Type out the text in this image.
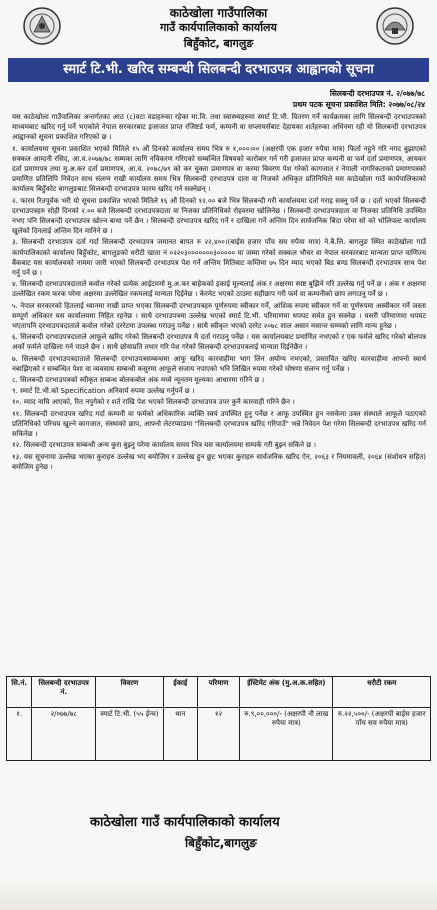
काठेखोला गाउँपालिका
गाउँ कार्यपालिकाको कार्यालय
बिहुँकोट, बागलुङ
स्मार्ट टि.भी. खरिद सम्बन्धी सिलबन्दी दरभाउपत्र आह्वानको सूचना
सिलबन्दी दरभाउपत्र नं. २/०७७/७८
प्रथम पटक सूचना प्रकाशित मिति: २०७७/०८/२४

यस काठेखोला गाउँपालिका अन्तर्गतका आठ (८)वटा वडाहरुका रहेका मा.वि. तथा स्वास्थ्यहरुमा स्मार्ट टि.भी. वितरण गर्ने कार्यक्रमका लागि सिलबन्दी दरभाउपत्रको माध्यमबाट खरिद गर्नु पर्ने भएकोले नेपाल सरकारबाट इजाजत प्राप्त रजिष्टर्ड फर्म, कम्पनी वा सप्लायर्सबाट देहायका शर्तहरुका अधिनमा रही यो सिलबन्दी दरभाउपत्र आह्वानको सूचना प्रकाशित गरिएको छ ।

१. कार्यालयमा सूचना प्रकाशित भएको मितिले १५ औं दिनको कार्यालय समय भित्र रु १,०००।०० (अक्षरपी एक हजार रुपैया मात्र) फिर्ता नहुने गरि नगद बुझाएको सक्कल आम्दनी रसिद, आ.व.२०७७/७८ सम्मका लागि नविकरण गरिएको सम्बन्धित विषयको कारोबार गर्न गरी इजाजत प्राप्त कम्पनी वा फर्म दर्ता प्रमाणपत्र, आयकर दर्ता प्रमाणपत्र तथा मु.अ.कर दर्ता प्रमाणपत्र, आ.व. २०७८/७९ को कर चुक्ता प्रमाणपत्र वा करमा बिवरण पेश गरेको कागजात र नेपाली नागरिकताको प्रमाणपत्रको प्रमाणित प्रतिलिपि निवेदन साथ संलग्न राखी कार्यालय समय भित्र सिलबन्दी दरभाउपत्र दाता वा निजको अधिकृत प्रतिनिधिले यस काठेखोला गाउँ कार्यपालिकाको कार्यालय बिहुँकोट बागलुङबाट सिलबन्दी दरभाउपत्र फारम खरिद गर्न सक्नेछन् ।

२. फारम रितपूर्वक भरी यो सूचना प्रकाशित भएको मितिले १६ औं दिनको १२.०० बजे भित्र सिलबन्दी गरी कार्यालयमा दर्ता गराइ सक्नु पर्ने छ । दर्ता भएको सिलबन्दी दरभाउपत्रहरु सोही दिनको २.०० बजे सिलबन्दी दरभाउपत्रदाता वा निजका प्रतिनिधिको रोहवरमा खोलिनेछ । सिलबन्दी दरभाउपत्रदाता वा निजका प्रतिनिधि उपस्थित नभए पनि सिलबन्दी दरभाउपत्र खोल्न बाधा पर्ने छैन । सिलबन्दी दरभाउपत्र खरिद गर्ने र दाखिला गर्ने अन्तिम दिन सार्वजनिक बिदा परेमा सो को भोलिपल्ट कार्यालय खुलेको दिनलाई अन्तिम दिन मानिने छ ।

३. सिलबन्दी दरभाउपत्र दर्ता गर्दा सिलबन्दी दरभाउपत्र जमानत बापत रु २२,४००।(बाईस हजार पाँच सय रुपैया मात्र) ने.बै.लि. बागलुङ स्थित काठेखोला गाउँ कार्यपालिकाको कार्यालय बिहुँकोट, बागलुङको धरौटी खाता नं ०२२०३०००००००३००००० मा जम्मा गरेको सक्कल भौचर वा नेपाल सरकारबाट मान्यता प्राप्त वाणिज्य बैंकबाट यस कार्यालयको नाममा जारी भएको सिलबन्दी दरभाउपत्र पेश गर्ने अन्तिम मितिबाट कम्तिमा ७५ दिन म्याद भएको बिड बण्ड सिलबन्दी दरभाउपत्र साथ पेश गर्नु पर्ने छ ।

४. सिलबन्दी दरभाउपत्रदाताले कवोल गरेको प्रत्येक आईटममो मु.अ.कर बाहेकको इकाई मूल्यलाई अंक र अक्षरमा स्पष्ट बुझिने गरि उल्लेख गर्नु पर्ने छ । अंक र अक्षरमा उल्लेखित रकम फरक परेमा अक्षरमा उल्लेखित रकमलाई मान्यता दिईनेछ । केरमेट भएको ठाउमा सहीछाप गरी फर्म वा कम्पनीको छाप लगाउनु पर्ने छ ।

५. नेपाल सरकारको हितलाई ध्यानमा राखी प्राप्त भएका सिलबन्दी दरभाउपत्रहरु पूर्णरुपमा स्वीकार गर्ने, आंशिक रुपमा स्वीकार गर्ने वा पूर्णरुपमा अस्वीकार गर्ने जस्ता सम्पूर्ण अधिकार यस कार्यालयमा निहित रहनेछ । साथै दरभाउपत्रमा उल्लेख भएको स्मार्ट टि.भी. परिमाणमा थपघट समेत हुन सक्नेछ । यसरी परिमाणमा थपघट भएतापनि दरभाउपत्रदाताले कवोल गरेको दररेटमा उपलब्ध गराउनु पर्नेछ । साथै स्वीकृत भएको दररेट २०७८ साल असार मसान्त सम्मको लागि मान्य हुनेछ ।

६. सिलबन्दी दरभाउपत्रदाताले आफूले खरिद गरेको सिलबन्दी दरभाउपत्र मै दर्ता गराउनु पर्नेछ । यस कार्यालयबाट प्रमाणित नभएको र एक फर्मले खरिद गरेको बोलपत्र अर्को फर्मले दाखिला गर्न पाउने छैन । साथै छोयाप्रति तथार गरि पेश गरेको सिलबन्दी दरभाउपत्रलाई मान्यता दिईनेछैन ।

७. सिलबन्दी दरभाउपत्रदाताले सिलबन्दी दरभाउपत्रसम्बन्धमा आफू खरिद कारवाहीमा भाग लिन अयोग्य नभएको, प्रस्तावित खरिद कारवाहीमा आफ्नो स्वार्थ नबाझिएको र सम्बन्धित पेशा वा व्यवसाय सम्बन्धी कसुरमा आफूले सजाय नपाएको भनि लिखित रुपमा गरेको घोषणा संलग्न गर्नु पर्नेछ ।

८. सिलबन्दी दरभाउपत्रको स्वीकृत सम्बन्ध बोलकबोल अंक मध्ये न्यूनतम मूल्यका आधारमा गरिने छ ।

९. स्मार्ट टि.भी.को Specification अनिवार्य रुपमा उल्लेख गर्नुपर्ने छ ।

१०. म्याद नाघि आएको, रित नपुगेको र शर्त राखि पेश भएको सिलबन्दी दरभाउपत्र उपर कुनै कारवाही गरिने छैन ।

११. सिलबन्दी दरभाउपत्र खरिद गर्दा कम्पनी वा फर्मको अधिकारिक व्यक्ति स्वयं उपस्थित हुनु पर्नेछ र आफू उपस्थित हुन नसकेमा उक्त संस्थाले आफूले पठाएको प्रतिनिधिको परिचय खुल्ने कागजात, संस्थाको छाप, आफ्नो लेटरप्याडमा "सिलबन्दी दरभाउपत्र खरिद गरिपाउँ" भन्ने निवेदन पेश गरेमा सिलबन्दी दरभाउपत्र खरिद गर्न सकिनेछ ।

१२. सिलबन्दी दरभाउपत्र सम्बन्धी अन्य कुरा बुझ्नु परेमा कार्यालय समय भित्र यस कार्यालयमा सम्पर्क गरी बुझ्न सकिने छ ।

१३. यस सूचनामा उल्लेख भएका कुराहरु उल्लेख भए बमोजिम र उल्लेख हुन छुट भएका कुराहरु सार्वजनिक खरिद ऐन, २०६३ र नियमावली, २०६४ (संशोधन सहित) बमोजिम हुनेछ ।

सि.नं.	सिलबन्दी दरभाउपत्र नं.	विवरण	ईकाई	परिमाण	ईस्टिमेट अंक (मु.अ.क.सहित)	धरौटी रकम
१.	२/०७७/७८	स्मार्ट टि.भी. (५५ ईन्च)	थान	१२	रु.९,००,०००/- (अक्षरपी नौ लाख रुपैया मात्र)	रु.२२,५००/- (अक्षरपी बाईस हजार पाँच सय रुपैया मात्र)
काठेखोला गाउँ कार्यपालिकाको कार्यालय
बिहुँकोट,बागलुङ
